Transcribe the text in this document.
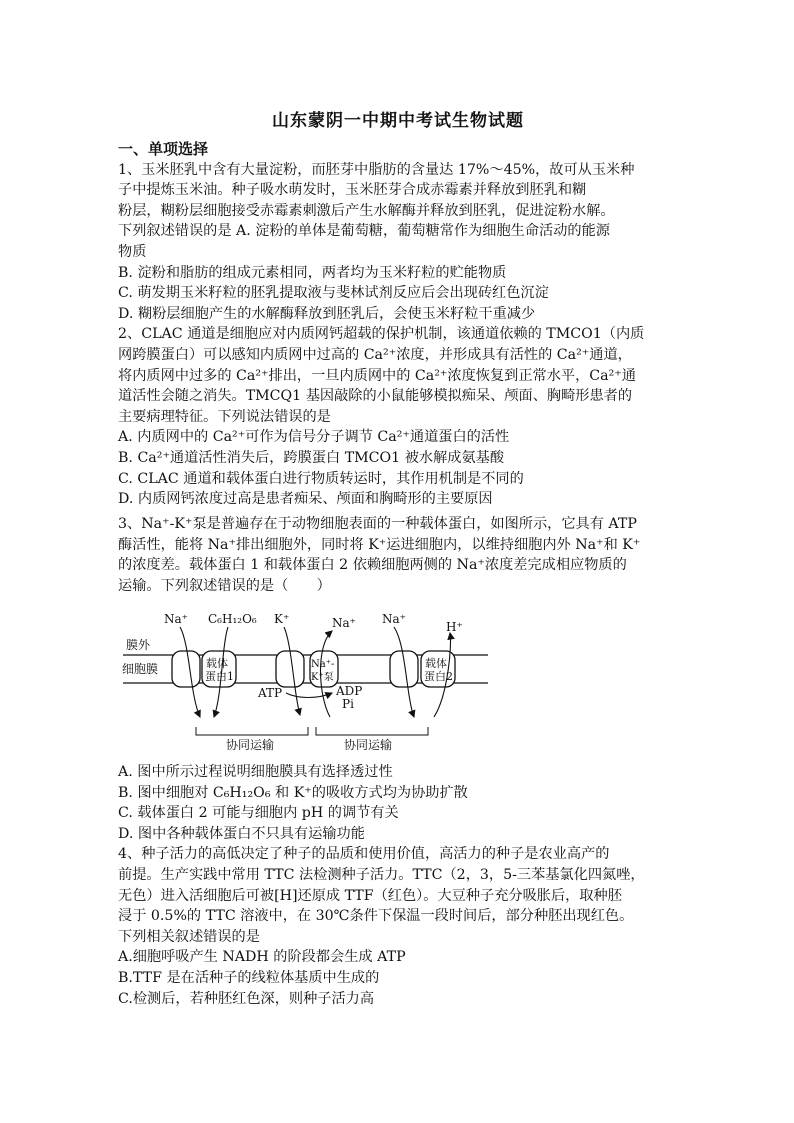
山东蒙阴一中期中考试生物试题
一、单项选择
1、玉米胚乳中含有大量淀粉，而胚芽中脂肪的含量达 17%～45%，故可从玉米种
子中提炼玉米油。种子吸水萌发时，玉米胚芽合成赤霉素并释放到胚乳和糊
粉层，糊粉层细胞接受赤霉素刺激后产生水解酶并释放到胚乳，促进淀粉水解。
下列叙述错误的是 A. 淀粉的单体是葡萄糖，葡萄糖常作为细胞生命活动的能源
物质
B. 淀粉和脂肪的组成元素相同，两者均为玉米籽粒的贮能物质
C. 萌发期玉米籽粒的胚乳提取液与斐林试剂反应后会出现砖红色沉淀
D. 糊粉层细胞产生的水解酶释放到胚乳后，会使玉米籽粒干重减少
2、CLAC 通道是细胞应对内质网钙超载的保护机制，该通道依赖的 TMCO1（内质
网跨膜蛋白）可以感知内质网中过高的 Ca²⁺浓度，并形成具有活性的 Ca²⁺通道，
将内质网中过多的 Ca²⁺排出，一旦内质网中的 Ca²⁺浓度恢复到正常水平，Ca²⁺通
道活性会随之消失。TMCQ1 基因敲除的小鼠能够模拟痴呆、颅面、胸畸形患者的
主要病理特征。下列说法错误的是
A. 内质网中的 Ca²⁺可作为信号分子调节 Ca²⁺通道蛋白的活性
B. Ca²⁺通道活性消失后，跨膜蛋白 TMCO1 被水解成氨基酸
C. CLAC 通道和载体蛋白进行物质转运时，其作用机制是不同的
D. 内质网钙浓度过高是患者痴呆、颅面和胸畸形的主要原因
3、Na⁺-K⁺泵是普遍存在于动物细胞表面的一种载体蛋白，如图所示，它具有 ATP
酶活性，能将 Na⁺排出细胞外，同时将 K⁺运进细胞内，以维持细胞内外 Na⁺和 K⁺
的浓度差。载体蛋白 1 和载体蛋白 2 依赖细胞两侧的 Na⁺浓度差完成相应物质的
运输。下列叙述错误的是（　　）
A. 图中所示过程说明细胞膜具有选择透过性
B. 图中细胞对 C₆H₁₂O₆ 和 K⁺的吸收方式均为协助扩散
C. 载体蛋白 2 可能与细胞内 pH 的调节有关
D. 图中各种载体蛋白不只具有运输功能
4、种子活力的高低决定了种子的品质和使用价值，高活力的种子是农业高产的
前提。生产实践中常用 TTC 法检测种子活力。TTC（2，3，5-三苯基氯化四氮唑，
无色）进入活细胞后可被[H]还原成 TTF（红色）。大豆种子充分吸胀后，取种胚
浸于 0.5%的 TTC 溶液中，在 30℃条件下保温一段时间后，部分种胚出现红色。
下列相关叙述错误的是
A.细胞呼吸产生 NADH 的阶段都会生成 ATP
B.TTF 是在活种子的线粒体基质中生成的
C.检测后，若种胚红色深，则种子活力高
膜外
细胞膜	载体
蛋白1
Na⁺-
K⁺泵
载体
蛋白2
Na⁺ C₆H₁₂O₆ K⁺	Na⁺ Na⁺
H⁺
ATP	ADP
Pi
协同运输	协同运输
